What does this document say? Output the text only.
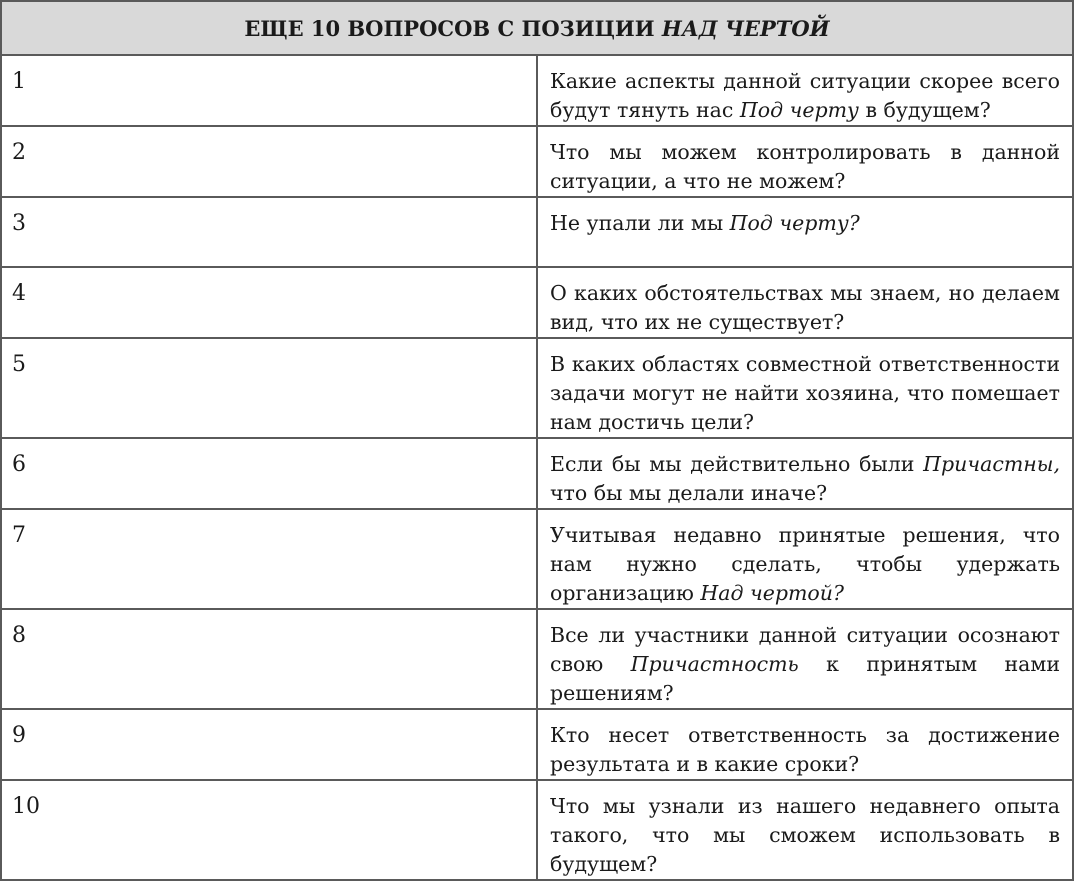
ЕЩЕ 10 ВОПРОСОВ С ПОЗИЦИИ НАД ЧЕРТОЙ	
1	Какие аспекты данной ситуации скорее всего будут тянуть нас Под черту в будущем?
2	Что мы можем контролировать в данной ситуации, а что не можем?
3	Не упали ли мы Под черту?
4	О каких обстоятельствах мы знаем, но делаем вид, что их не существует?
5	В каких областях совместной ответственности задачи могут не найти хозяина, что помешает нам достичь цели?
6	Если бы мы действительно были Причастны, что бы мы делали иначе?
7	Учитывая недавно принятые решения, что нам нужно сделать, чтобы удержать организацию Над чертой?
8	Все ли участники данной ситуации осознают свою Причастность к принятым нами решениям?
9	Кто несет ответственность за достижение результата и в какие сроки?
10	Что мы узнали из нашего недавнего опыта такого, что мы сможем использовать в будущем?
